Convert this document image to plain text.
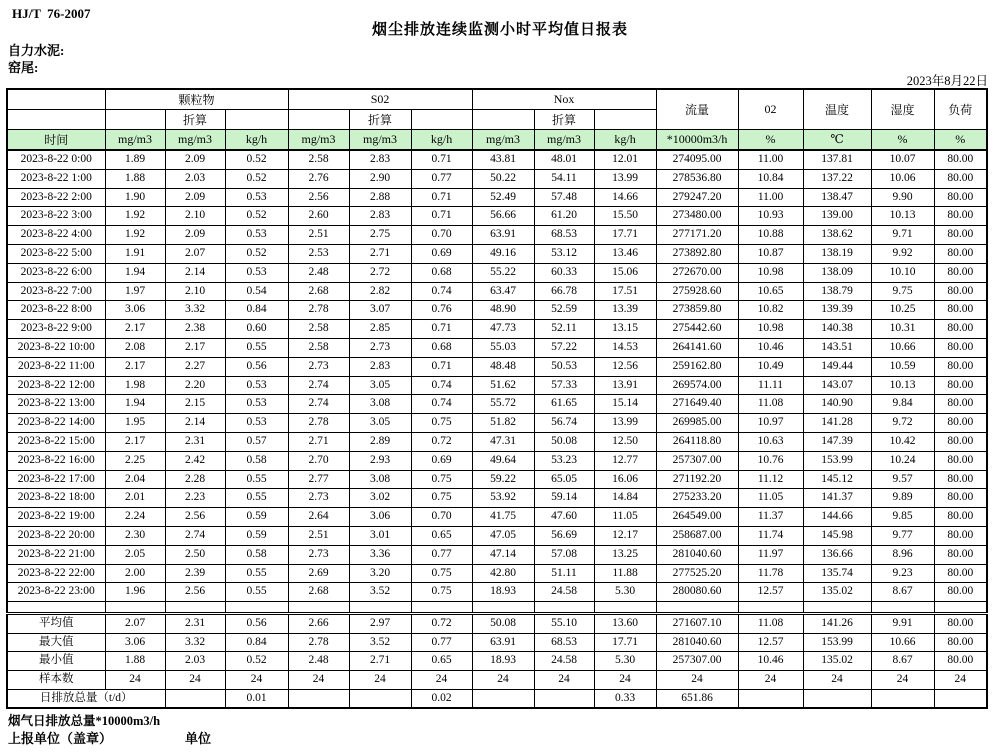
HJ/T  76-2007
烟尘排放连续监测小时平均值日报表
自力水泥:
窑尾:
2023年8月22日
	颗粒物			S02			Nox			流量	02	温度	湿度	负荷
		折算			折算			折算						
时间	mg/m3	mg/m3	kg/h	mg/m3	mg/m3	kg/h	mg/m3	mg/m3	kg/h	*10000m3/h	%	℃	%	%
2023-8-22 0:00	1.89	2.09	0.52	2.58	2.83	0.71	43.81	48.01	12.01	274095.00	11.00	137.81	10.07	80.00
2023-8-22 1:00	1.88	2.03	0.52	2.76	2.90	0.77	50.22	54.11	13.99	278536.80	10.84	137.22	10.06	80.00
2023-8-22 2:00	1.90	2.09	0.53	2.56	2.88	0.71	52.49	57.48	14.66	279247.20	11.00	138.47	9.90	80.00
2023-8-22 3:00	1.92	2.10	0.52	2.60	2.83	0.71	56.66	61.20	15.50	273480.00	10.93	139.00	10.13	80.00
2023-8-22 4:00	1.92	2.09	0.53	2.51	2.75	0.70	63.91	68.53	17.71	277171.20	10.88	138.62	9.71	80.00
2023-8-22 5:00	1.91	2.07	0.52	2.53	2.71	0.69	49.16	53.12	13.46	273892.80	10.87	138.19	9.92	80.00
2023-8-22 6:00	1.94	2.14	0.53	2.48	2.72	0.68	55.22	60.33	15.06	272670.00	10.98	138.09	10.10	80.00
2023-8-22 7:00	1.97	2.10	0.54	2.68	2.82	0.74	63.47	66.78	17.51	275928.60	10.65	138.79	9.75	80.00
2023-8-22 8:00	3.06	3.32	0.84	2.78	3.07	0.76	48.90	52.59	13.39	273859.80	10.82	139.39	10.25	80.00
2023-8-22 9:00	2.17	2.38	0.60	2.58	2.85	0.71	47.73	52.11	13.15	275442.60	10.98	140.38	10.31	80.00
2023-8-22 10:00	2.08	2.17	0.55	2.58	2.73	0.68	55.03	57.22	14.53	264141.60	10.46	143.51	10.66	80.00
2023-8-22 11:00	2.17	2.27	0.56	2.73	2.83	0.71	48.48	50.53	12.56	259162.80	10.49	149.44	10.59	80.00
2023-8-22 12:00	1.98	2.20	0.53	2.74	3.05	0.74	51.62	57.33	13.91	269574.00	11.11	143.07	10.13	80.00
2023-8-22 13:00	1.94	2.15	0.53	2.74	3.08	0.74	55.72	61.65	15.14	271649.40	11.08	140.90	9.84	80.00
2023-8-22 14:00	1.95	2.14	0.53	2.78	3.05	0.75	51.82	56.74	13.99	269985.00	10.97	141.28	9.72	80.00
2023-8-22 15:00	2.17	2.31	0.57	2.71	2.89	0.72	47.31	50.08	12.50	264118.80	10.63	147.39	10.42	80.00
2023-8-22 16:00	2.25	2.42	0.58	2.70	2.93	0.69	49.64	53.23	12.77	257307.00	10.76	153.99	10.24	80.00
2023-8-22 17:00	2.04	2.28	0.55	2.77	3.08	0.75	59.22	65.05	16.06	271192.20	11.12	145.12	9.57	80.00
2023-8-22 18:00	2.01	2.23	0.55	2.73	3.02	0.75	53.92	59.14	14.84	275233.20	11.05	141.37	9.89	80.00
2023-8-22 19:00	2.24	2.56	0.59	2.64	3.06	0.70	41.75	47.60	11.05	264549.00	11.37	144.66	9.85	80.00
2023-8-22 20:00	2.30	2.74	0.59	2.51	3.01	0.65	47.05	56.69	12.17	258687.00	11.74	145.98	9.77	80.00
2023-8-22 21:00	2.05	2.50	0.58	2.73	3.36	0.77	47.14	57.08	13.25	281040.60	11.97	136.66	8.96	80.00
2023-8-22 22:00	2.00	2.39	0.55	2.69	3.20	0.75	42.80	51.11	11.88	277525.20	11.78	135.74	9.23	80.00
2023-8-22 23:00	1.96	2.56	0.55	2.68	3.52	0.75	18.93	24.58	5.30	280080.60	12.57	135.02	8.67	80.00

平均值	2.07	2.31	0.56	2.66	2.97	0.72	50.08	55.10	13.60	271607.10	11.08	141.26	9.91	80.00
最大值	3.06	3.32	0.84	2.78	3.52	0.77	63.91	68.53	17.71	281040.60	12.57	153.99	10.66	80.00
最小值	1.88	2.03	0.52	2.48	2.71	0.65	18.93	24.58	5.30	257307.00	10.46	135.02	8.67	80.00
样本数	24	24	24	24	24	24	24	24	24	24	24	24	24	24
日排放总量（t/d）			0.01			0.02			0.33	651.86				
烟气日排放总量*10000m3/h
上报单位（盖章）	单位
